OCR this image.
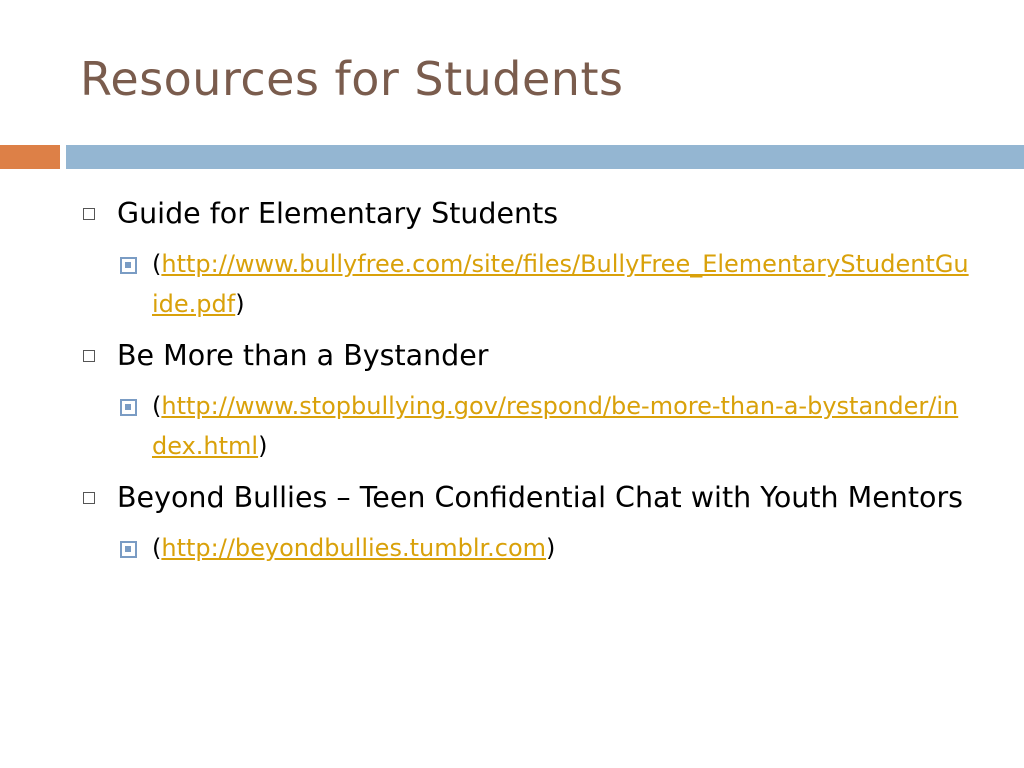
Resources for Students
Guide for Elementary Students
(http://www.bullyfree.com/site/files/BullyFree_ElementaryStudentGuide.pdf)
Be More than a Bystander
(http://www.stopbullying.gov/respond/be-more-than-a-bystander/index.html)
Beyond Bullies – Teen Confidential Chat with Youth Mentors
(http://beyondbullies.tumblr.com)
